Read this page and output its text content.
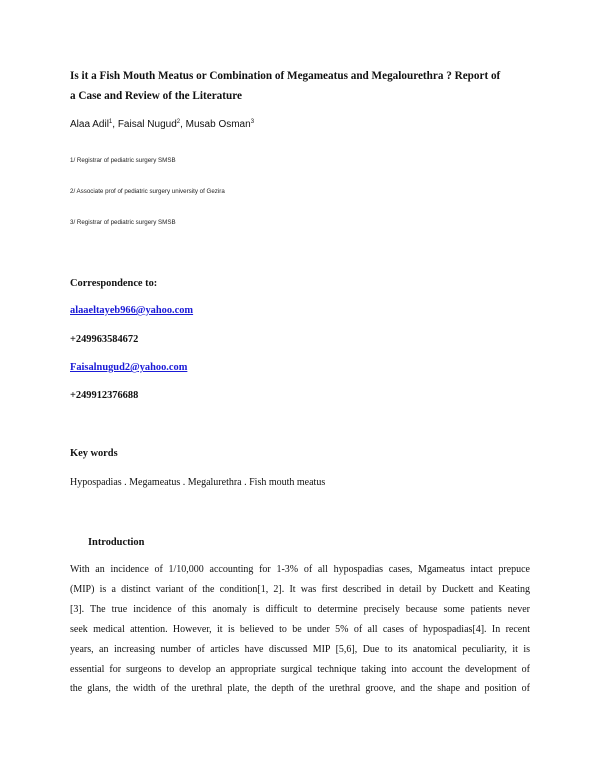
Is it a Fish Mouth Meatus or Combination of Megameatus and Megalourethra ? Report of
a Case and Review of the Literature
Alaa Adil$^1$, Faisal Nugud$^2$, Musab Osman$^3$
1/ Registrar of pediatric surgery SMSB
2/ Associate prof of pediatric surgery university of Gezira
3/ Registrar of pediatric surgery SMSB
Correspondence to:
alaaeltayeb966@yahoo.com
+249963584672
Faisalnugud2@yahoo.com
+249912376688
Key words
Hypospadias . Megameatus . Megalurethra . Fish mouth meatus
Introduction
With an incidence of 1/10,000 accounting for 1-3% of all hypospadias cases, Mgameatus intact prepuce
(MIP) is a distinct variant of the condition[1, 2]. It was first described in detail by Duckett and Keating
[3]. The true incidence of this anomaly is difficult to determine precisely because some patients never
seek medical attention. However, it is believed to be under 5% of all cases of hypospadias[4]. In recent
years, an increasing number of articles have discussed MIP [5,6], Due to its anatomical peculiarity, it is
essential for surgeons to develop an appropriate surgical technique taking into account the development of
the glans, the width of the urethral plate, the depth of the urethral groove, and the shape and position of
